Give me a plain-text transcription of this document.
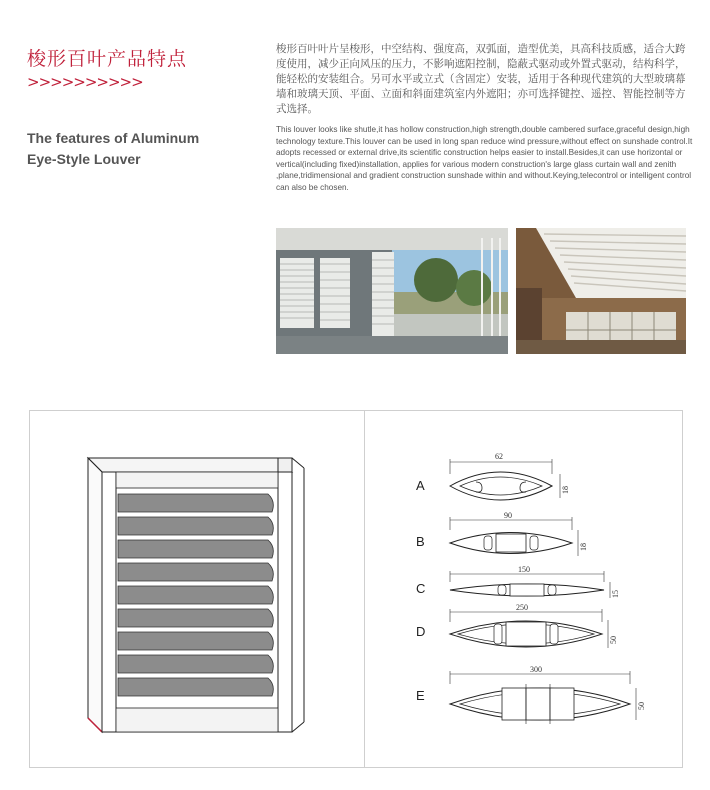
梭形百叶产品特点
>>>>>>>>>>
The features of Aluminum
Eye-Style Louver

梭形百叶叶片呈梭形，中空结构、强度高，双弧面，造型优美，具高科技质感，适合大跨度使用，减少正向风压的压力，不影响遮阳控制，隐蔽式驱动或外置式驱动，结构科学，能轻松的安装组合。另可水平或立式（含固定）安装，适用于各种现代建筑的大型玻璃幕墙和玻璃天顶、平面、立面和斜面建筑室内外遮阳；亦可选择键控、遥控、智能控制等方式选择。

This louver looks like shutle,it has hollow construction,high strength,double cambered surface,graceful design,high technology texture.This louver can be used in long span reduce wind pressure,without effect on sunshade control.It adopts recessed or external drive,its scientific construction helps easier to install.Besides,it can use horizontal or vertical(including fixed)installation, applies for various modern construction's large glass curtain wall and zenith ,plane,tridimensional and gradient construction sunshade within and without.Keying,telecontrol or intelligent control can also be chosen.

A
62
18
B
90
18
C
150
15
D
250
50
E
300
50
